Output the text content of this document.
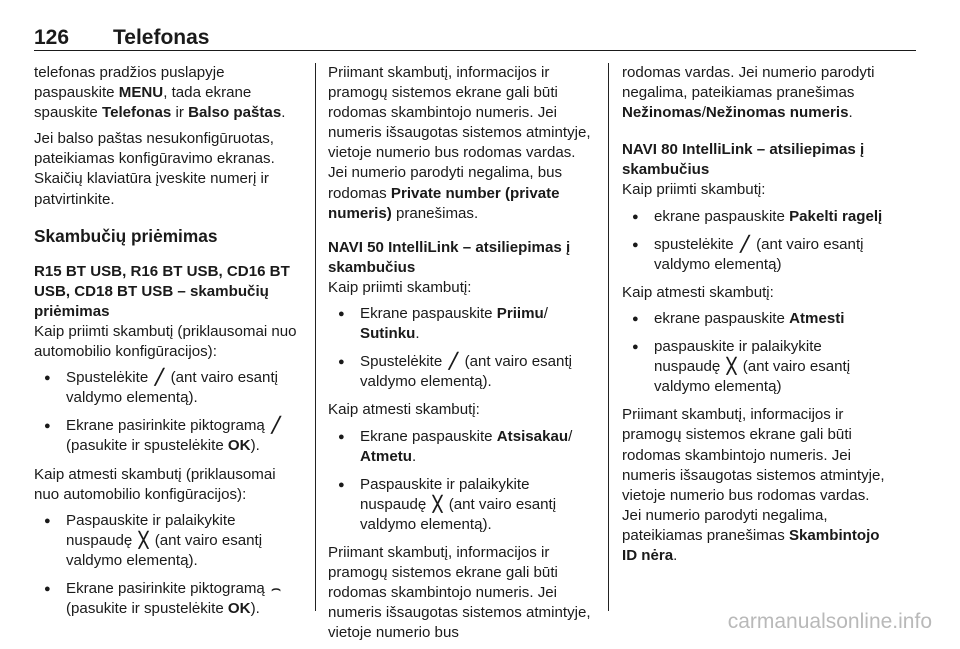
126 Telefonas

telefonas pradžios puslapyje paspauskite MENU, tada ekrane spauskite Telefonas ir Balso paštas.

Jei balso paštas nesukonfigūruotas, pateikiamas konfigūravimo ekranas. Skaičių klaviatūra įveskite numerį ir patvirtinkite.

Skambučių priėmimas
R15 BT USB, R16 BT USB, CD16 BT USB, CD18 BT USB – skambučių priėmimas

Kaip priimti skambutį (priklausomai nuo automobilio konfigūracijos):

● Spustelėkite ╱ (ant vairo esantį valdymo elementą).
● Ekrane pasirinkite piktogramą ╱ (pasukite ir spustelėkite OK).

Kaip atmesti skambutį (priklausomai nuo automobilio konfigūracijos):

● Paspauskite ir palaikykite nuspaudę ╳ (ant vairo esantį valdymo elementą).
● Ekrane pasirinkite piktogramą ⌢ (pasukite ir spustelėkite OK).

Priimant skambutį, informacijos ir pramogų sistemos ekrane gali būti rodomas skambintojo numeris. Jei numeris išsaugotas sistemos atmintyje, vietoje numerio bus rodomas vardas. Jei numerio parodyti negalima, bus rodomas Private number (private numeris) pranešimas.

NAVI 50 IntelliLink – atsiliepimas į skambučius

Kaip priimti skambutį:

● Ekrane paspauskite Priimu/
Sutinku.
● Spustelėkite ╱ (ant vairo esantį valdymo elementą).

Kaip atmesti skambutį:

● Ekrane paspauskite Atsisakau/
Atmetu.
● Paspauskite ir palaikykite nuspaudę ╳ (ant vairo esantį valdymo elementą).

Priimant skambutį, informacijos ir pramogų sistemos ekrane gali būti rodomas skambintojo numeris. Jei numeris išsaugotas sistemos atmintyje, vietoje numerio bus

rodomas vardas. Jei numerio parodyti negalima, pateikiamas pranešimas Nežinomas/Nežinomas numeris.

NAVI 80 IntelliLink – atsiliepimas į skambučius

Kaip priimti skambutį:

● ekrane paspauskite Pakelti ragelį
● spustelėkite ╱ (ant vairo esantį valdymo elementą)

Kaip atmesti skambutį:

● ekrane paspauskite Atmesti
● paspauskite ir palaikykite nuspaudę ╳ (ant vairo esantį valdymo elementą)

Priimant skambutį, informacijos ir pramogų sistemos ekrane gali būti rodomas skambintojo numeris. Jei numeris išsaugotas sistemos atmintyje, vietoje numerio bus rodomas vardas. Jei numerio parodyti negalima, pateikiamas pranešimas Skambintojo ID nėra.

carmanualsonline.info
